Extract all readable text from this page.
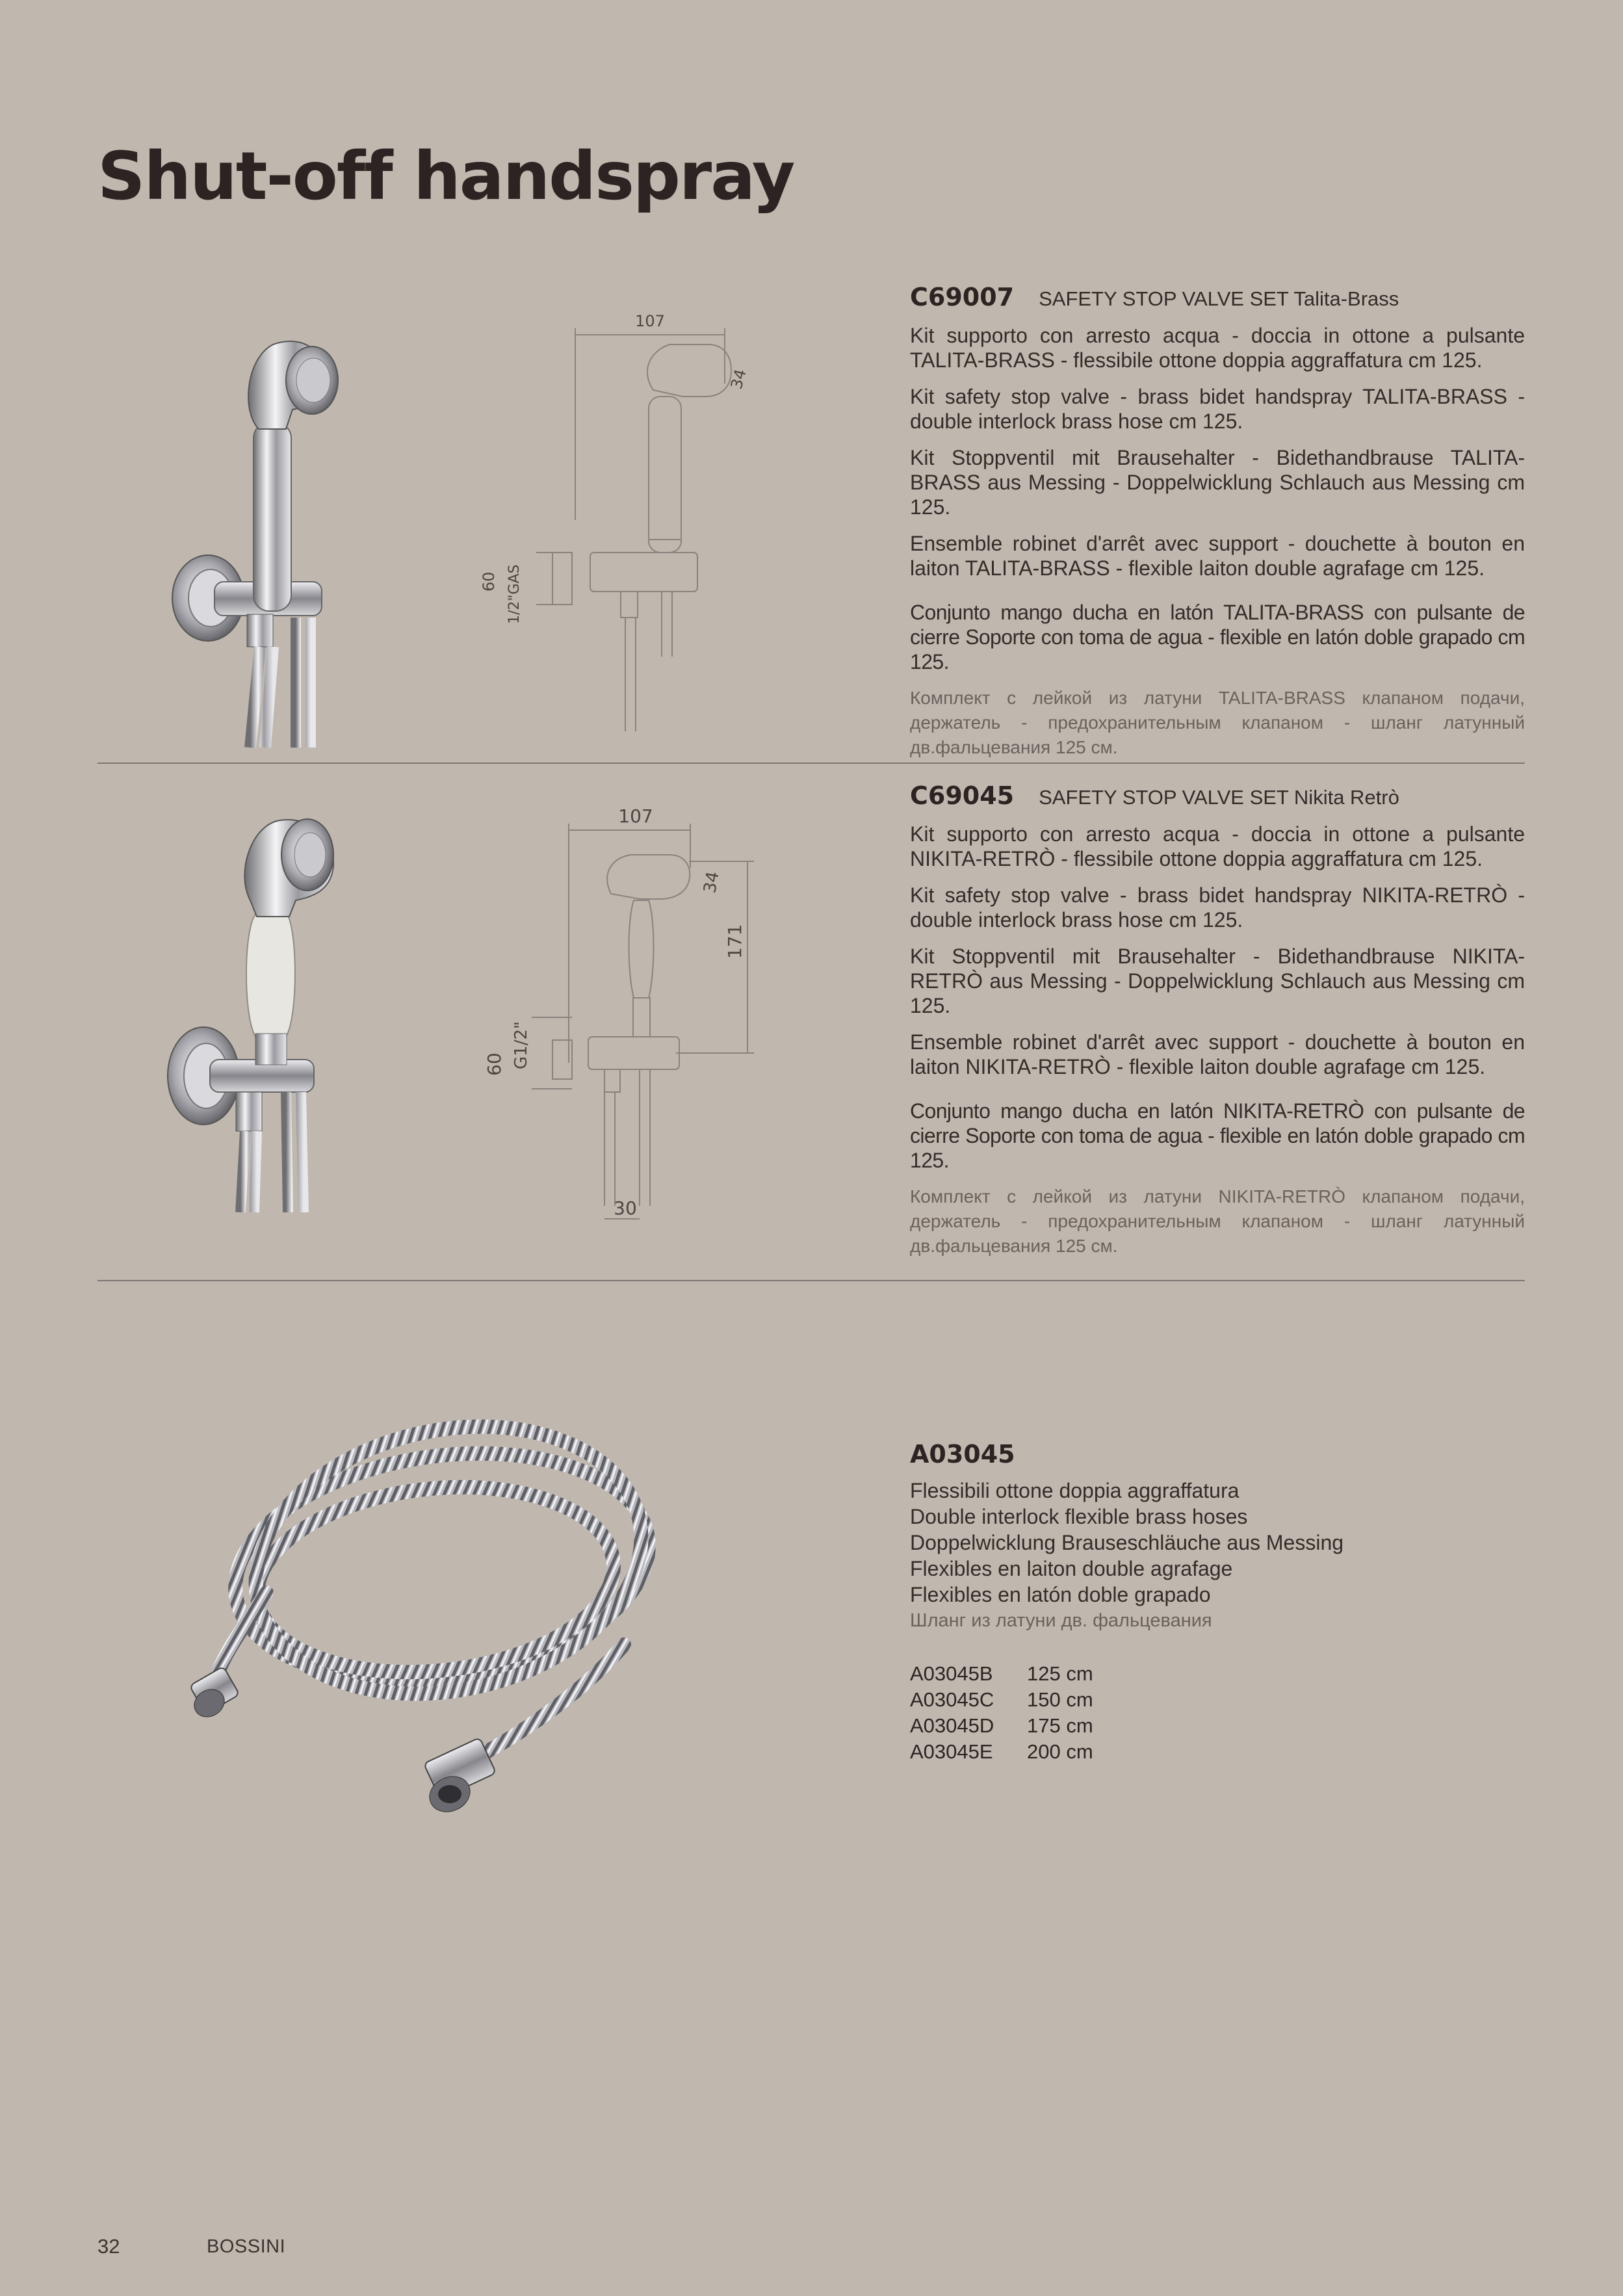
Shut-off handspray
107
34
60 1/2"GAS

C69007 SAFETY STOP VALVE SET Talita-Brass

Kit supporto con arresto acqua - doccia in ottone a pulsante TALITA-BRASS - flessibile ottone doppia aggraffatura cm 125.

Kit safety stop valve - brass bidet handspray TALITA-BRASS - double interlock brass hose cm 125.

Kit Stoppventil mit Brausehalter - Bidethandbrause TALITA-BRASS aus Messing - Doppelwicklung Schlauch aus Messing cm 125.

Ensemble robinet d'arrêt avec support - douchette à bouton en laiton TALITA-BRASS - flexible laiton double agrafage cm 125.

Conjunto mango ducha en latón TALITA-BRASS con pulsante de cierre Soporte con toma de agua - flexible en latón doble grapado cm 125.

Комплект с лейкой из латуни TALITA-BRASS клапаном подачи, держатель - предохранительным клапаном - шланг латунный дв.фальцевания 125 см.

107
34
171
60 G1/2"
30

C69045 SAFETY STOP VALVE SET Nikita Retrò

Kit supporto con arresto acqua - doccia in ottone a pulsante NIKITA-RETRÒ - flessibile ottone doppia aggraffatura cm 125.

Kit safety stop valve - brass bidet handspray NIKITA-RETRÒ - double interlock brass hose cm 125.

Kit Stoppventil mit Brausehalter - Bidethandbrause NIKITA-RETRÒ aus Messing - Doppelwicklung Schlauch aus Messing cm 125.

Ensemble robinet d'arrêt avec support - douchette à bouton en laiton NIKITA-RETRÒ - flexible laiton double agrafage cm 125.

Conjunto mango ducha en latón NIKITA-RETRÒ con pulsante de cierre Soporte con toma de agua - flexible en latón doble grapado cm 125.

Комплект с лейкой из латуни NIKITA-RETRÒ клапаном подачи, держатель - предохранительным клапаном - шланг латунный дв.фальцевания 125 см.

A03045
Flessibili ottone doppia aggraffatura
Double interlock flexible brass hoses
Doppelwicklung Brauseschläuche aus Messing
Flexibles en laiton double agrafage
Flexibles en latón doble grapado
Шланг из латуни дв. фальцевания
A03045B 125 cm
A03045C 150 cm
A03045D 175 cm
A03045E 200 cm
32	BOSSINI
